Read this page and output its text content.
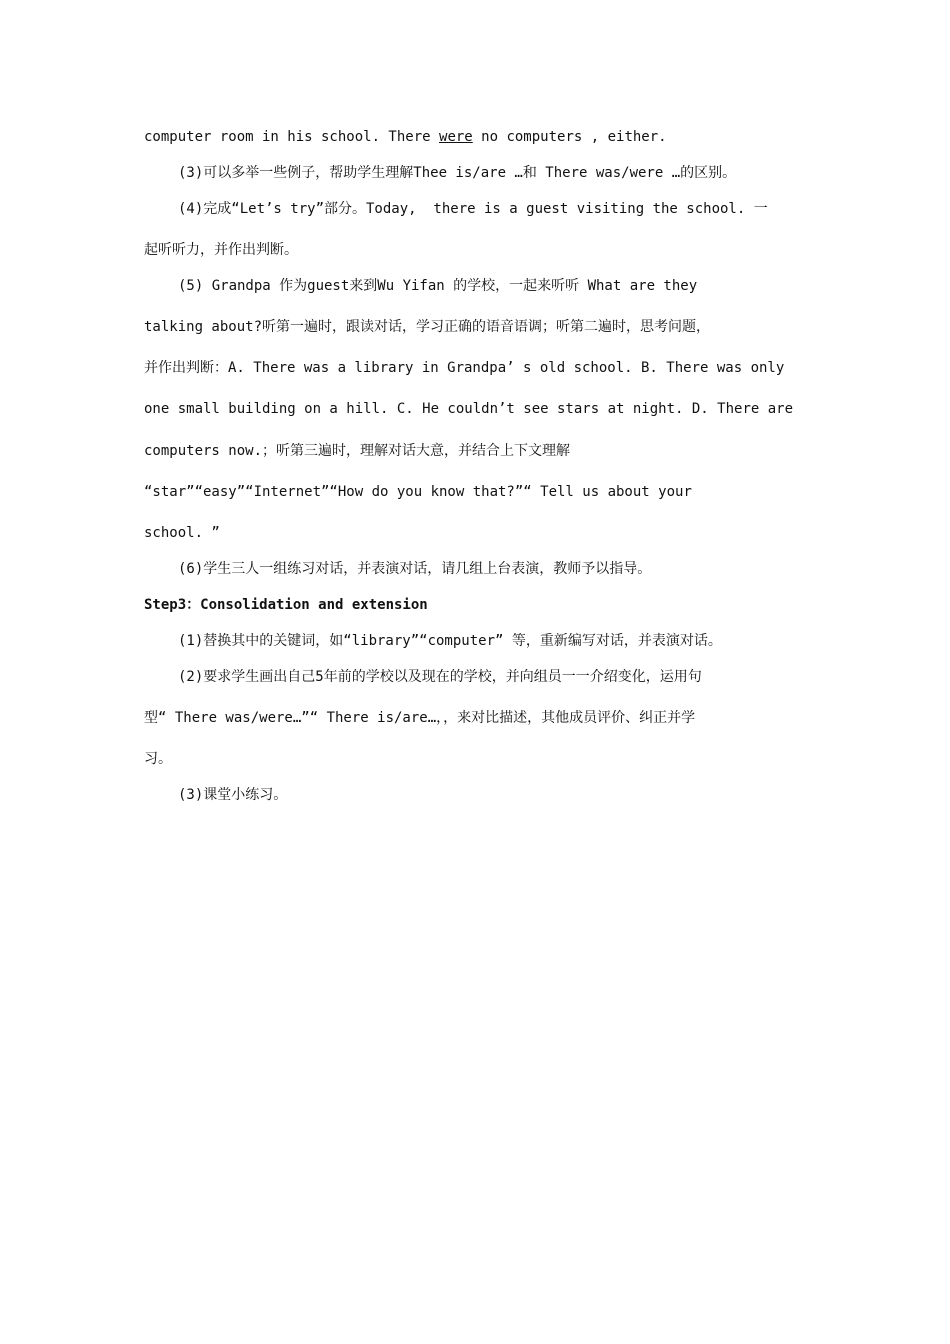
computer room in his school. There were no computers , either.
(3)可以多举一些例子，帮助学生理解Thee is/are …和 There was/were …的区别。
(4)完成“Let’s try”部分。Today,  there is a guest visiting the school. 一
起听听力，并作出判断。
(5) Grandpa 作为guest来到Wu Yifan 的学校，一起来听听 What are they
talking about?听第一遍时，跟读对话，学习正确的语音语调；听第二遍时，思考问题，
并作出判断：A. There was a library in Grandpa’ s old school. B. There was only
one small building on a hill. C. He couldn’t see stars at night. D. There are
computers now.；听第三遍时，理解对话大意，并结合上下文理解
“star”“easy”“Internet”“How do you know that?”“ Tell us about your
school. ”
(6)学生三人一组练习对话，并表演对话，请几组上台表演，教师予以指导。
Step3：Consolidation and extension
(1)替换其中的关键词，如“library”“computer” 等，重新编写对话，并表演对话。
(2)要求学生画出自己5年前的学校以及现在的学校，并向组员一一介绍变化，运用句
型“ There was/were…”“ There is/are…，，来对比描述，其他成员评价、纠正并学
习。
(3)课堂小练习。
